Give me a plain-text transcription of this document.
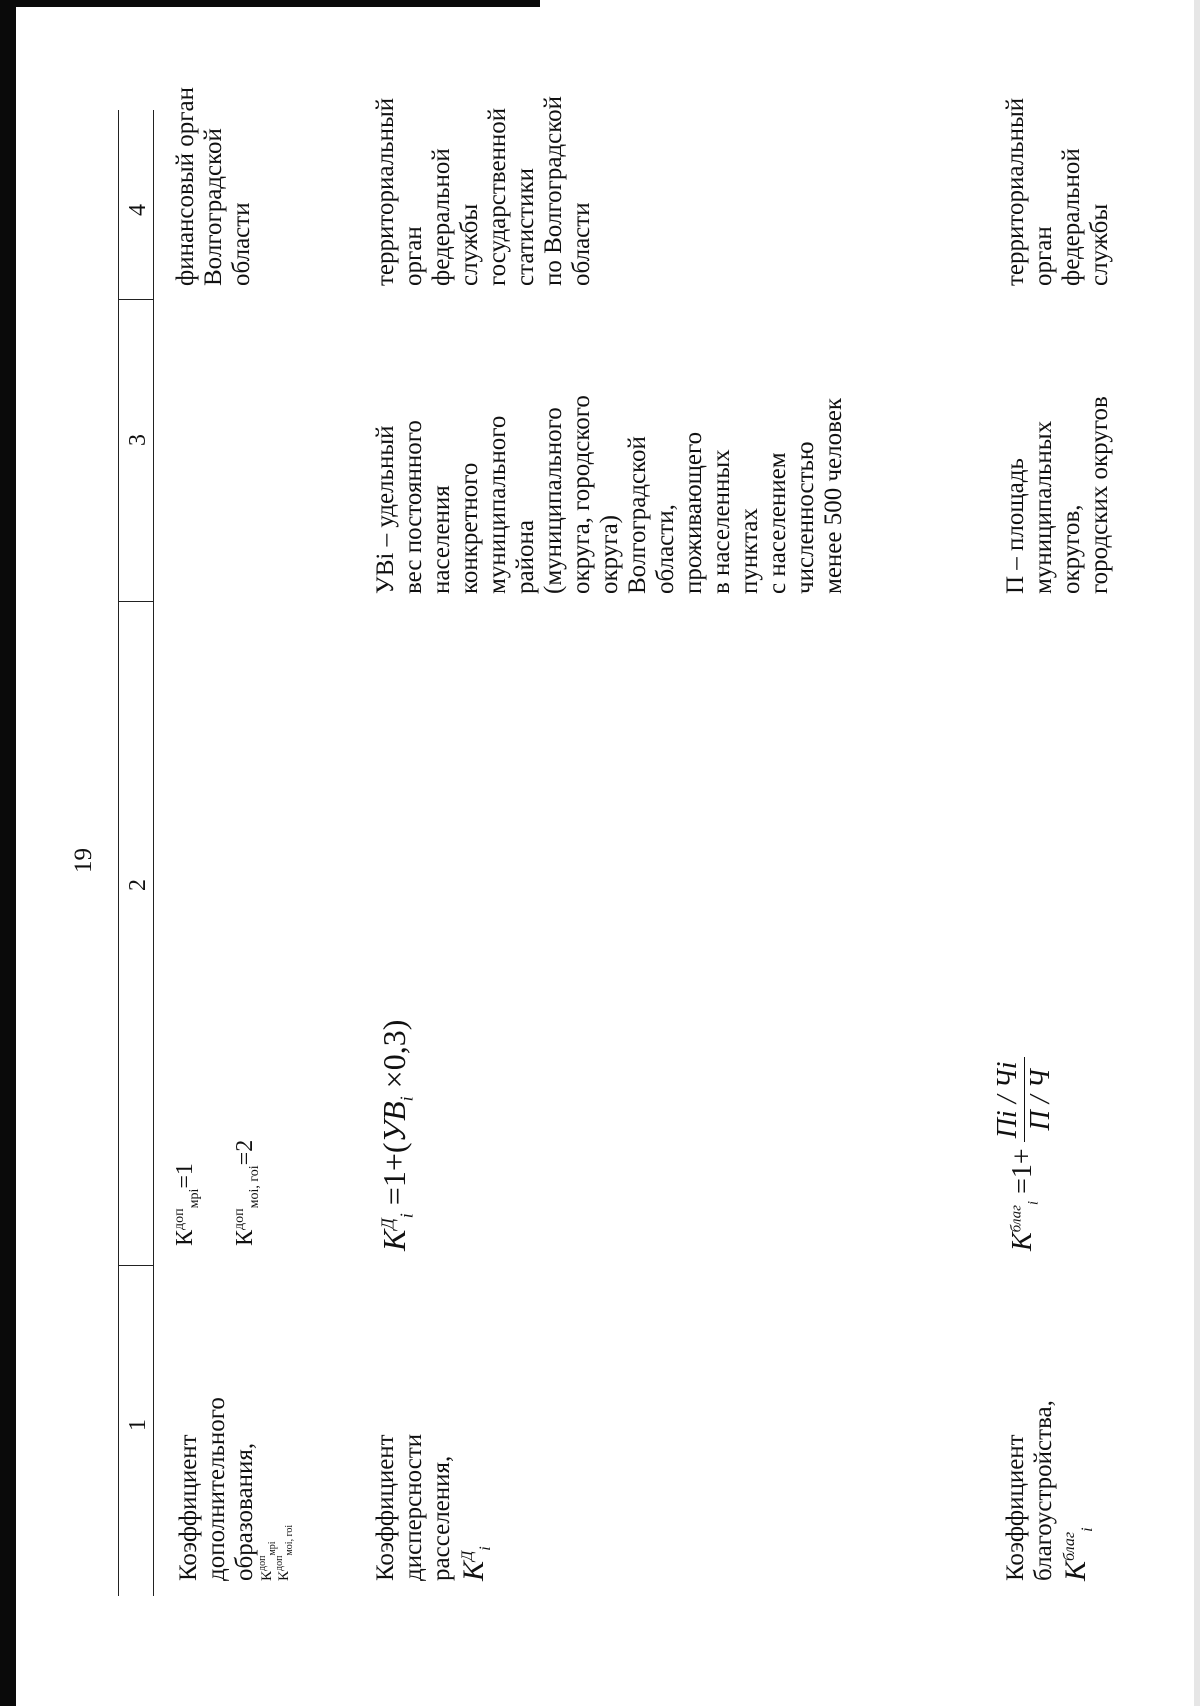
19
1
2
3
4
Коэффициент дополнительного образования, $К^{доп}_{мрi}$
$К^{доп}_{моi, гоi}$
$К^{доп}_{мрi}=1$
$К^{доп}_{моi, гоi}=2$
финансовый орган Волгоградской области
Коэффициент дисперсности расселения, $K^Д_i$
$K^Д_i =1+(УB_i \times 0,3)$
УВi – удельный вес постоянного населения конкретного муниципального района (муниципального округа, городского округа) Волгоградской области, проживающего в населенных пунктах с населением численностью менее 500 человек
территориальный орган федеральной службы государственной статистики по Волгоградской области
Коэффициент благоустройства, $K^{благ}_i$
$K^{благ}_i =1+$
Пi / Чi П / Ч
П – площадь муниципальных округов, городских округов
территориальный орган федеральной службы
